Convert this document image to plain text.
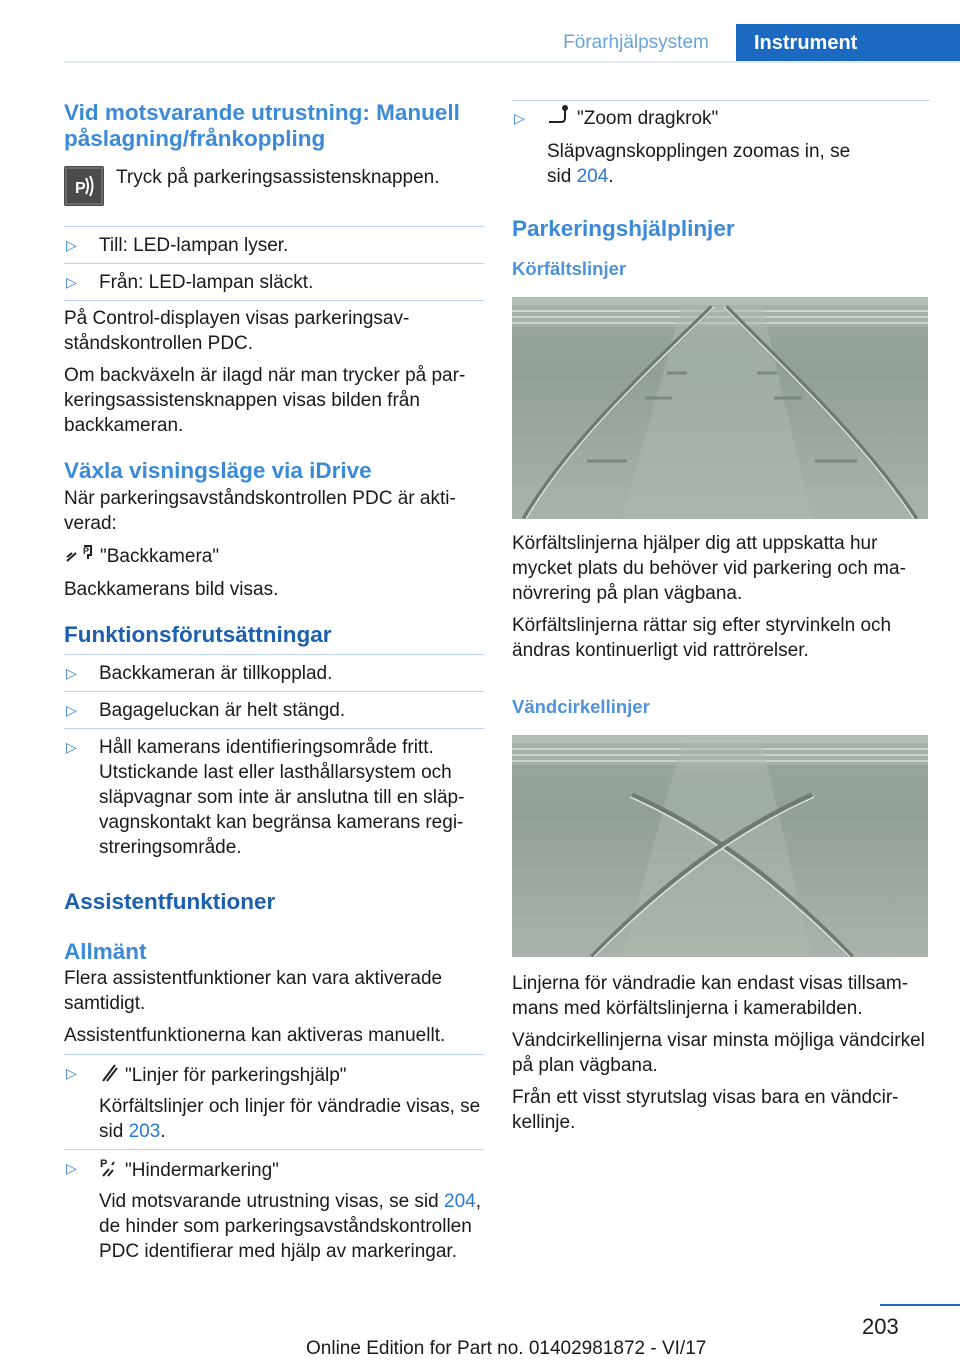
Förarhjälpsystem	Instrument
Vid motsvarande utrustning: Manuell påslagning/frånkoppling
P

Tryck på parkeringsassistensknappen.

▷ Till: LED-lampan lyser.
▷ Från: LED-lampan släckt.

På Control-displayen visas parkeringsavståndskontrollen PDC.

Om backväxeln är ilagd när man trycker på parkeringsassistensknappen visas bilden från backkameran.

Växla visningsläge via iDrive

När parkeringsavståndskontrollen PDC är aktiverad:

P "Backkamera"

Backkamerans bild visas.

Funktionsförutsättningar
▷ Backkameran är tillkopplad.
▷ Bagageluckan är helt stängd.
▷ Håll kamerans identifieringsområde fritt. Utstickande last eller lasthållarsystem och släpvagnar som inte är anslutna till en släpvagnskontakt kan begränsa kamerans registreringsområde.
Assistentfunktioner
Allmänt

Flera assistentfunktioner kan vara aktiverade samtidigt.

Assistentfunktionerna kan aktiveras manuellt.

▷	"Linjer för parkeringshjälp"
Körfältslinjer och linjer för vändradie visas, se sid 203.
▷ P "Hindermarkering"
Vid motsvarande utrustning visas, se sid 204, de hinder som parkeringsavståndskontrollen PDC identifierar med hjälp av markeringar.
▷	"Zoom dragkrok"
Släpvagnskopplingen zoomas in, se sid 204.
Parkeringshjälplinjer
Körfältslinjer

Körfältslinjerna hjälper dig att uppskatta hur mycket plats du behöver vid parkering och manövrering på plan vägbana.

Körfältslinjerna rättar sig efter styrvinkeln och ändras kontinuerligt vid rattrörelser.

Vändcirkellinjer

Linjerna för vändradie kan endast visas tillsammans med körfältslinjerna i kamerabilden.

Vändcirkellinjerna visar minsta möjliga vändcirkel på plan vägbana.

Från ett visst styrutslag visas bara en vändcirkellinje.

203
Online Edition for Part no. 01402981872 - VI/17
